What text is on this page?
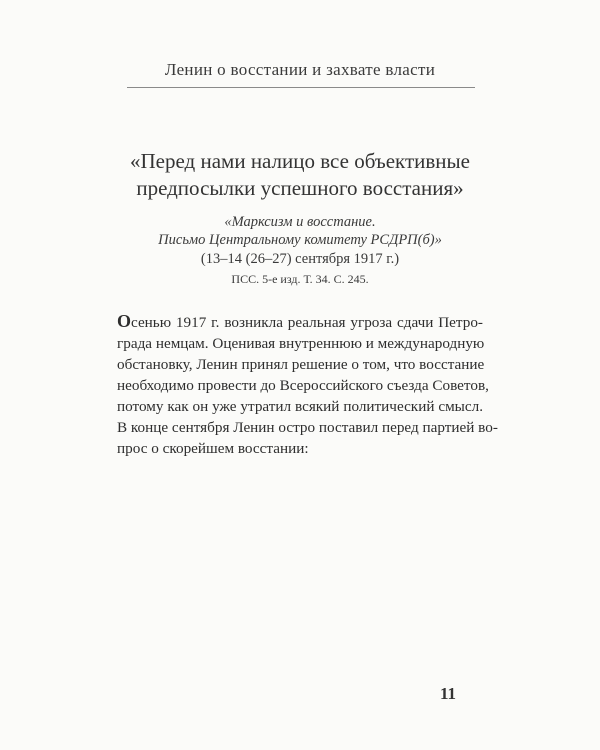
Ленин о восстании и захвате власти
«Перед нами налицо все объективные
предпосылки успешного восстания»
«Марксизм и восстание.
Письмо Центральному комитету РСДРП(б)»
(13–14 (26–27) сентября 1917 г.)
ПСС. 5-е изд. Т. 34. С. 245.
Осенью 1917 г. возникла реальная угроза сдачи Петро-
града немцам. Оценивая внутреннюю и международную
обстановку, Ленин принял решение о том, что восстание
необходимо провести до Всероссийского съезда Советов,
потому как он уже утратил всякий политический смысл.
В конце сентября Ленин остро поставил перед партией во-
прос о скорейшем восстании:
11
